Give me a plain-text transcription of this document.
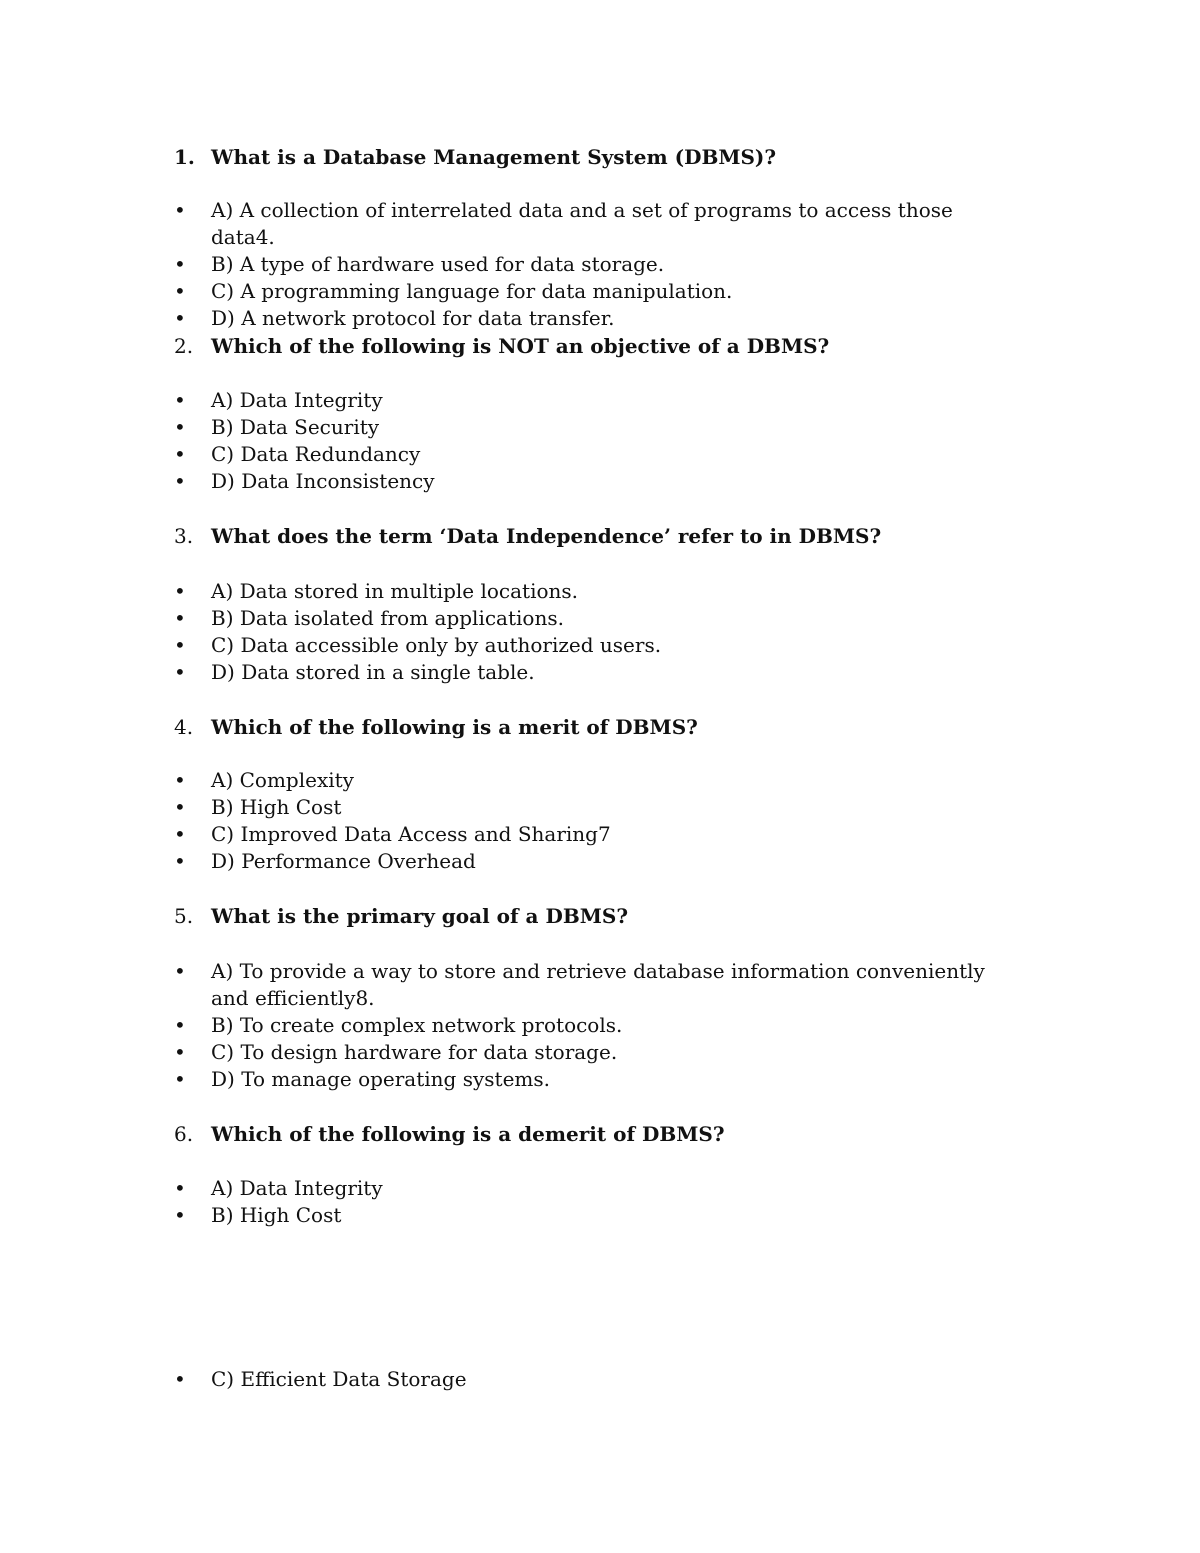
1. What is a Database Management System (DBMS)?
• A) A collection of interrelated data and a set of programs to access those data4.
• B) A type of hardware used for data storage.
• C) A programming language for data manipulation.
• D) A network protocol for data transfer.
2. Which of the following is NOT an objective of a DBMS?
• A) Data Integrity
• B) Data Security
• C) Data Redundancy
• D) Data Inconsistency
3. What does the term ‘Data Independence’ refer to in DBMS?
• A) Data stored in multiple locations.
• B) Data isolated from applications.
• C) Data accessible only by authorized users.
• D) Data stored in a single table.
4. Which of the following is a merit of DBMS?
• A) Complexity
• B) High Cost
• C) Improved Data Access and Sharing7
• D) Performance Overhead
5. What is the primary goal of a DBMS?
• A) To provide a way to store and retrieve database information conveniently and efficiently8.
• B) To create complex network protocols.
• C) To design hardware for data storage.
• D) To manage operating systems.
6. Which of the following is a demerit of DBMS?
• A) Data Integrity
• B) High Cost
• C) Efficient Data Storage
